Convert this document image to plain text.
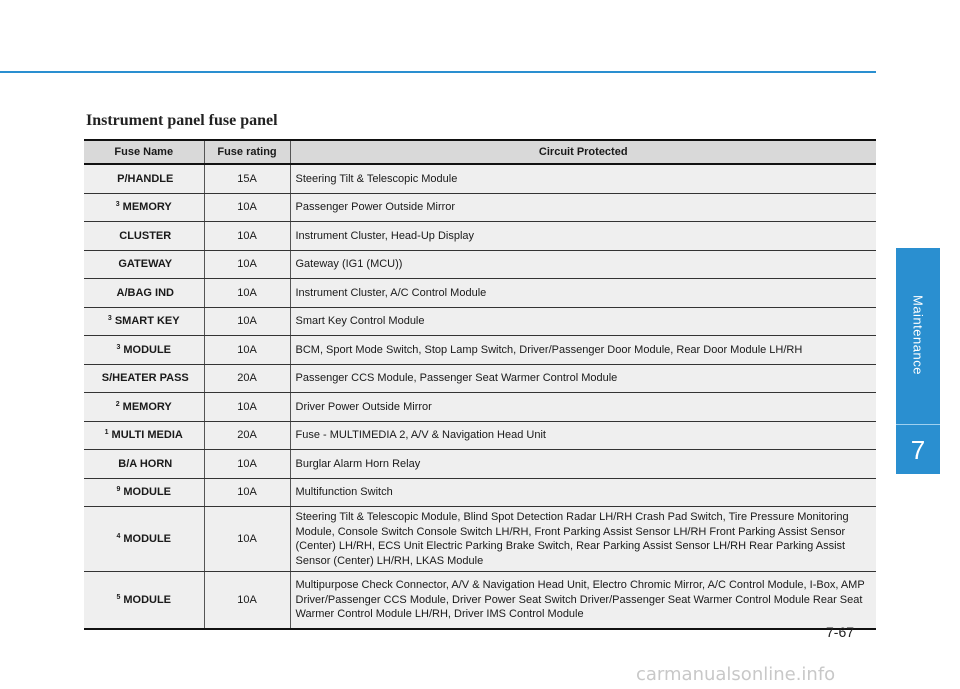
Instrument panel fuse panel
Maintenance
7
Fuse Name	Fuse rating	Circuit Protected
P/HANDLE	15A	Steering Tilt & Telescopic Module
$^3$ MEMORY	10A	Passenger Power Outside Mirror
CLUSTER	10A	Instrument Cluster, Head-Up Display
GATEWAY	10A	Gateway (IG1 (MCU))
A/BAG IND	10A	Instrument Cluster, A/C Control Module
$^3$ SMART KEY	10A	Smart Key Control Module
$^3$ MODULE	10A	BCM, Sport Mode Switch, Stop Lamp Switch, Driver/Passenger Door Module, Rear Door Module LH/RH
S/HEATER PASS	20A	Passenger CCS Module, Passenger Seat Warmer Control Module
$^2$ MEMORY	10A	Driver Power Outside Mirror
$^1$ MULTI MEDIA	20A	Fuse - MULTIMEDIA 2, A/V & Navigation Head Unit
B/A HORN	10A	Burglar Alarm Horn Relay
$^9$ MODULE	10A	Multifunction Switch
$^4$ MODULE	10A	Steering Tilt & Telescopic Module, Blind Spot Detection Radar LH/RH Crash Pad Switch, Tire Pressure Monitoring Module, Console Switch Console Switch LH/RH, Front Parking Assist Sensor LH/RH Front Parking Assist Sensor (Center) LH/RH, ECS Unit Electric Parking Brake Switch, Rear Parking Assist Sensor LH/RH Rear Parking Assist Sensor (Center) LH/RH, LKAS Module
$^5$ MODULE	10A	Multipurpose Check Connector, A/V & Navigation Head Unit, Electro Chromic Mirror, A/C Control Module, I-Box, AMP Driver/Passenger CCS Module, Driver Power Seat Switch Driver/Passenger Seat Warmer Control Module Rear Seat Warmer Control Module LH/RH, Driver IMS Control Module
7-67
carmanualsonline.info
